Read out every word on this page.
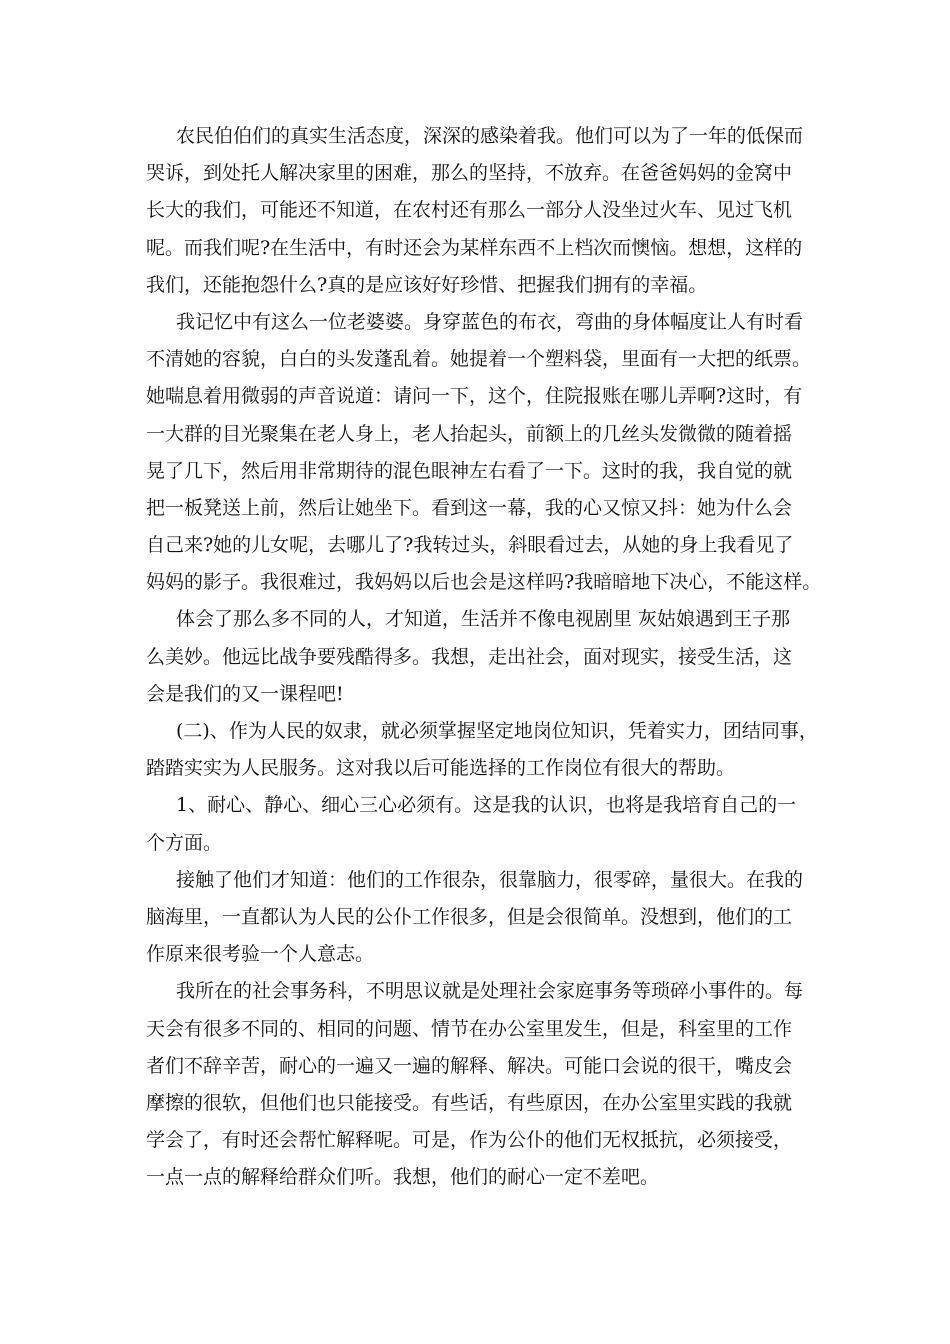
农民伯伯们的真实生活态度，深深的感染着我。他们可以为了一年的低保而
哭诉，到处托人解决家里的困难，那么的坚持，不放弃。在爸爸妈妈的金窝中
长大的我们，可能还不知道，在农村还有那么一部分人没坐过火车、见过飞机
呢。而我们呢?在生活中，有时还会为某样东西不上档次而懊恼。想想，这样的
我们，还能抱怨什么?真的是应该好好珍惜、把握我们拥有的幸福。
我记忆中有这么一位老婆婆。身穿蓝色的布衣，弯曲的身体幅度让人有时看
不清她的容貌，白白的头发蓬乱着。她提着一个塑料袋，里面有一大把的纸票。
她喘息着用微弱的声音说道：请问一下，这个，住院报账在哪儿弄啊?这时，有
一大群的目光聚集在老人身上，老人抬起头，前额上的几丝头发微微的随着摇
晃了几下，然后用非常期待的混色眼神左右看了一下。这时的我，我自觉的就
把一板凳送上前，然后让她坐下。看到这一幕，我的心又惊又抖：她为什么会
自己来?她的儿女呢，去哪儿了?我转过头，斜眼看过去，从她的身上我看见了
妈妈的影子。我很难过，我妈妈以后也会是这样吗?我暗暗地下决心，不能这样。
体会了那么多不同的人，才知道，生活并不像电视剧里 灰姑娘遇到王子那
么美妙。他远比战争要残酷得多。我想，走出社会，面对现实，接受生活，这
会是我们的又一课程吧!
(二)、作为人民的奴隶，就必须掌握坚定地岗位知识，凭着实力，团结同事，
踏踏实实为人民服务。这对我以后可能选择的工作岗位有很大的帮助。
1、耐心、静心、细心三心必须有。这是我的认识，也将是我培育自己的一
个方面。
接触了他们才知道：他们的工作很杂，很靠脑力，很零碎，量很大。在我的
脑海里，一直都认为人民的公仆工作很多，但是会很简单。没想到，他们的工
作原来很考验一个人意志。
我所在的社会事务科，不明思议就是处理社会家庭事务等琐碎小事件的。每
天会有很多不同的、相同的问题、情节在办公室里发生，但是，科室里的工作
者们不辞辛苦，耐心的一遍又一遍的解释、解决。可能口会说的很干，嘴皮会
摩擦的很软，但他们也只能接受。有些话，有些原因，在办公室里实践的我就
学会了，有时还会帮忙解释呢。可是，作为公仆的他们无权抵抗，必须接受，
一点一点的解释给群众们听。我想，他们的耐心一定不差吧。
